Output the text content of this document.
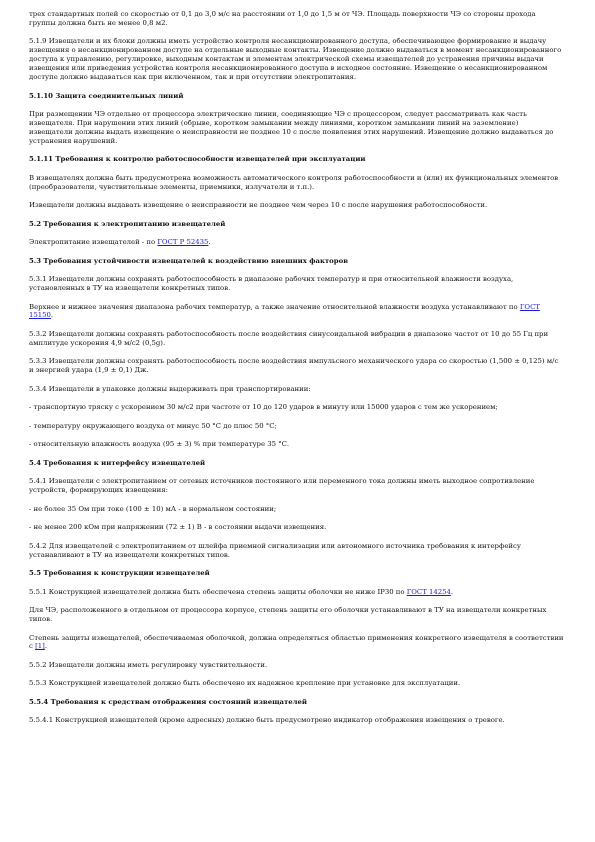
трех стандартных полей со скоростью от 0,1 до 3,0 м/с на расстоянии от 1,0 до 1,5 м от ЧЭ. Площадь поверхности ЧЭ со стороны прохода группы должна быть не менее 0,8 м2.

5.1.9 Извещатели и их блоки должны иметь устройство контроля несанкционированного доступа, обеспечивающее формирование и выдачу извещения о несанкционированном доступе на отдельные выходные контакты. Извещение должно выдаваться в момент несанкционированного доступа к управлению, регулировке, выходным контактам и элементам электрической схемы извещателей до устранения причины выдачи извещения или приведения устройства контроля несанкционированного доступа в исходное состояние. Извещение о несанкционированном доступе должно выдаваться как при включенном, так и при отсутствии электропитания.

5.1.10 Защита соединительных линий

При размещении ЧЭ отдельно от процессора электрические линии, соединяющие ЧЭ с процессором, следует рассматривать как часть извещателя. При нарушении этих линий (обрыве, коротком замыкании между линиями, коротком замыкании линий на заземление) извещатели должны выдать извещение о неисправности не позднее 10 с после появления этих нарушений. Извещение должно выдаваться до устранения нарушений.

5.1.11 Требования к контролю работоспособности извещателей при эксплуатации

В извещателях должна быть предусмотрена возможность автоматического контроля работоспособности и (или) их функциональных элементов (преобразователи, чувствительные элементы, приемники, излучатели и т.п.).

Извещатели должны выдавать извещение о неисправности не позднее чем через 10 с после нарушения работоспособности.

5.2 Требования к электропитанию извещателей

Электропитание извещателей - по ГОСТ Р 52435.

5.3 Требования устойчивости извещателей к воздействию внешних факторов

5.3.1 Извещатели должны сохранять работоспособность в диапазоне рабочих температур и при относительной влажности воздуха, установленных в ТУ на извещатели конкретных типов.

Верхнее и нижнее значения диапазона рабочих температур, а также значение относительной влажности воздуха устанавливают по ГОСТ 15150.

5.3.2 Извещатели должны сохранять работоспособность после воздействия синусоидальной вибрации в диапазоне частот от 10 до 55 Гц при амплитуде ускорения 4,9 м/с2 (0,5g).

5.3.3 Извещатели должны сохранять работоспособность после воздействия импульсного механического удара со скоростью (1,500 ± 0,125) м/с и энергией удара (1,9 ± 0,1) Дж.

5.3.4 Извещатели в упаковке должны выдерживать при транспортировании:

- транспортную тряску с ускорением 30 м/с2 при частоте от 10 до 120 ударов в минуту или 15000 ударов с тем же ускорением;

- температуру окружающего воздуха от минус 50 °С до плюс 50 °С;

- относительную влажность воздуха (95 ± 3) % при температуре 35 °С.

5.4 Требования к интерфейсу извещателей

5.4.1 Извещатели с электропитанием от сетевых источников постоянного или переменного тока должны иметь выходное сопротивление устройств, формирующих извещения:

- не более 35 Ом при токе (100 ± 10) мА - в нормальном состоянии;

- не менее 200 кОм при напряжении (72 ± 1) В - в состоянии выдачи извещения.

5.4.2 Для извещателей с электропитанием от шлейфа приемной сигнализации или автономного источника требования к интерфейсу устанавливают в ТУ на извещатели конкретных типов.

5.5 Требования к конструкции извещателей

5.5.1 Конструкцией извещателей должна быть обеспечена степень защиты оболочки не ниже IP30 по ГОСТ 14254.

Для ЧЭ, расположенного в отдельном от процессора корпусе, степень защиты его оболочки устанавливают в ТУ на извещатели конкретных типов.

Степень защиты извещателей, обеспечиваемая оболочкой, должна определяться областью применения конкретного извещателя в соответствии с [1].

5.5.2 Извещатели должны иметь регулировку чувствительности.

5.5.3 Конструкцией извещателей должно быть обеспечено их надежное крепление при установке для эксплуатации.

5.5.4 Требования к средствам отображения состояний извещателей

5.5.4.1 Конструкцией извещателей (кроме адресных) должно быть предусмотрено индикатор отображения извещения о тревоге.
